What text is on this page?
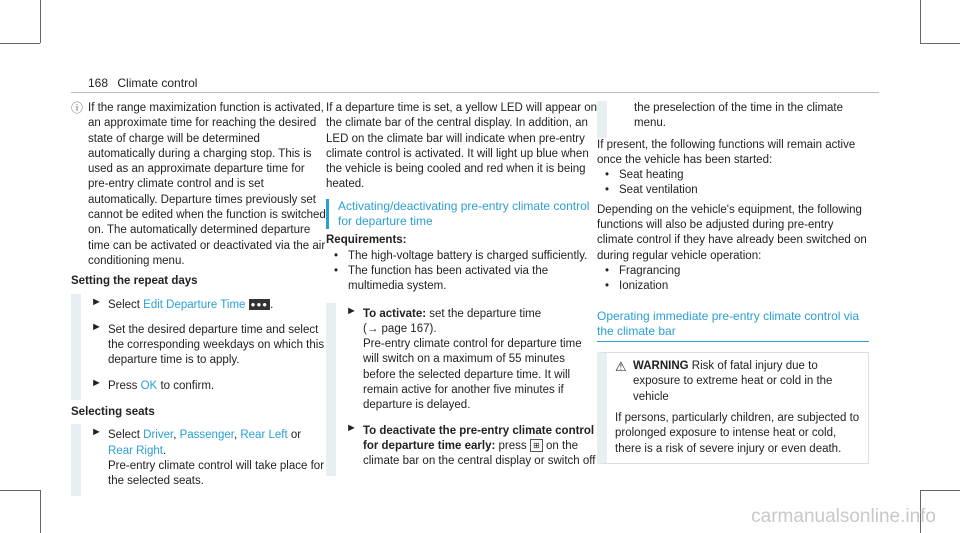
168 Climate control
ⓘ If the range maximization function is activated, an approximate time for reaching the desired state of charge will be determined automatically during a charging stop. This is used as an approximate departure time for pre-entry climate control and is set automatically. Departure times previously set cannot be edited when the function is switched on. The automatically determined departure time can be activated or deactivated via the air conditioning menu.

Setting the repeat days
► Select Edit Departure Time ●●● .
► Set the desired departure time and select the corresponding weekdays on which this departure time is to apply.
► Press OK to confirm.
Selecting seats
► Select Driver, Passenger, Rear Left or Rear Right.
Pre-entry climate control will take place for the selected seats.

If a departure time is set, a yellow LED will appear on the climate bar of the central display. In addition, an LED on the climate bar will indicate when pre-entry climate control is activated. It will light up blue when the vehicle is being cooled and red when it is being heated.

Activating/deactivating pre-entry climate control for departure time
Requirements:
• The high-voltage battery is charged sufficiently.
• The function has been activated via the multimedia system.
► To activate: set the departure time
(→ page 167).
Pre-entry climate control for departure time will switch on a maximum of 55 minutes before the selected departure time. It will remain active for another five minutes if departure is delayed.
► To deactivate the pre-entry climate control for departure time early: press ⊞ on the climate bar on the central display or switch off
the preselection of the time in the climate menu.

If present, the following functions will remain active once the vehicle has been started:

• Seat heating
• Seat ventilation

Depending on the vehicle's equipment, the following functions will also be adjusted during pre-entry climate control if they have already been switched on during regular vehicle operation:

• Fragrancing
• Ionization
Operating immediate pre-entry climate control via the climate bar
⚠ WARNING Risk of fatal injury due to exposure to extreme heat or cold in the vehicle

If persons, particularly children, are subjected to prolonged exposure to intense heat or cold, there is a risk of severe injury or even death.

carmanualsonline.info
